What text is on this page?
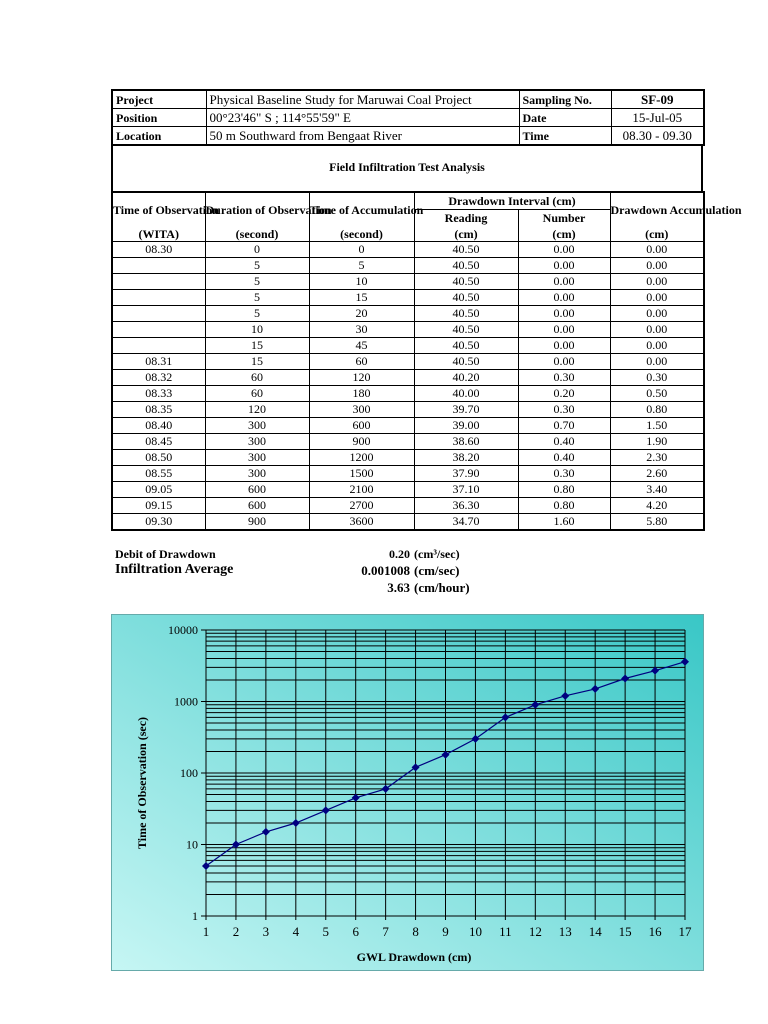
Project	Physical Baseline Study for Maruwai Coal Project	Sampling No.	SF-09
Position	00°23'46" S ; 114°55'59" E	Date	15-Jul-05
Location	50 m Southward from Bengaat River	Time	08.30 - 09.30
Field Infiltration Test Analysis
Time of Observation	Duration of Observation	Time of Accumulation	Drawdown Interval (cm)		Drawdown Accumulation
			Reading	Number	
(WITA)	(second)	(second)	(cm)	(cm)	(cm)
08.30	0	0	40.50	0.00	0.00
	5	5	40.50	0.00	0.00
	5	10	40.50	0.00	0.00
	5	15	40.50	0.00	0.00
	5	20	40.50	0.00	0.00
	10	30	40.50	0.00	0.00
	15	45	40.50	0.00	0.00
08.31	15	60	40.50	0.00	0.00
08.32	60	120	40.20	0.30	0.30
08.33	60	180	40.00	0.20	0.50
08.35	120	300	39.70	0.30	0.80
08.40	300	600	39.00	0.70	1.50
08.45	300	900	38.60	0.40	1.90
08.50	300	1200	38.20	0.40	2.30
08.55	300	1500	37.90	0.30	2.60
09.05	600	2100	37.10	0.80	3.40
09.15	600	2700	36.30	0.80	4.20
09.30	900	3600	34.70	1.60	5.80
Debit of Drawdown	0.20 (cm³/sec)
Infiltration Average	0.001008 (cm/sec)
3.63 (cm/hour)
1
10
100
1000
10000
1 2 3 4 5 6 7 8 9 10 11 12 13 14 15 16 17
GWL Drawdown (cm)
Time of Observation (sec)
